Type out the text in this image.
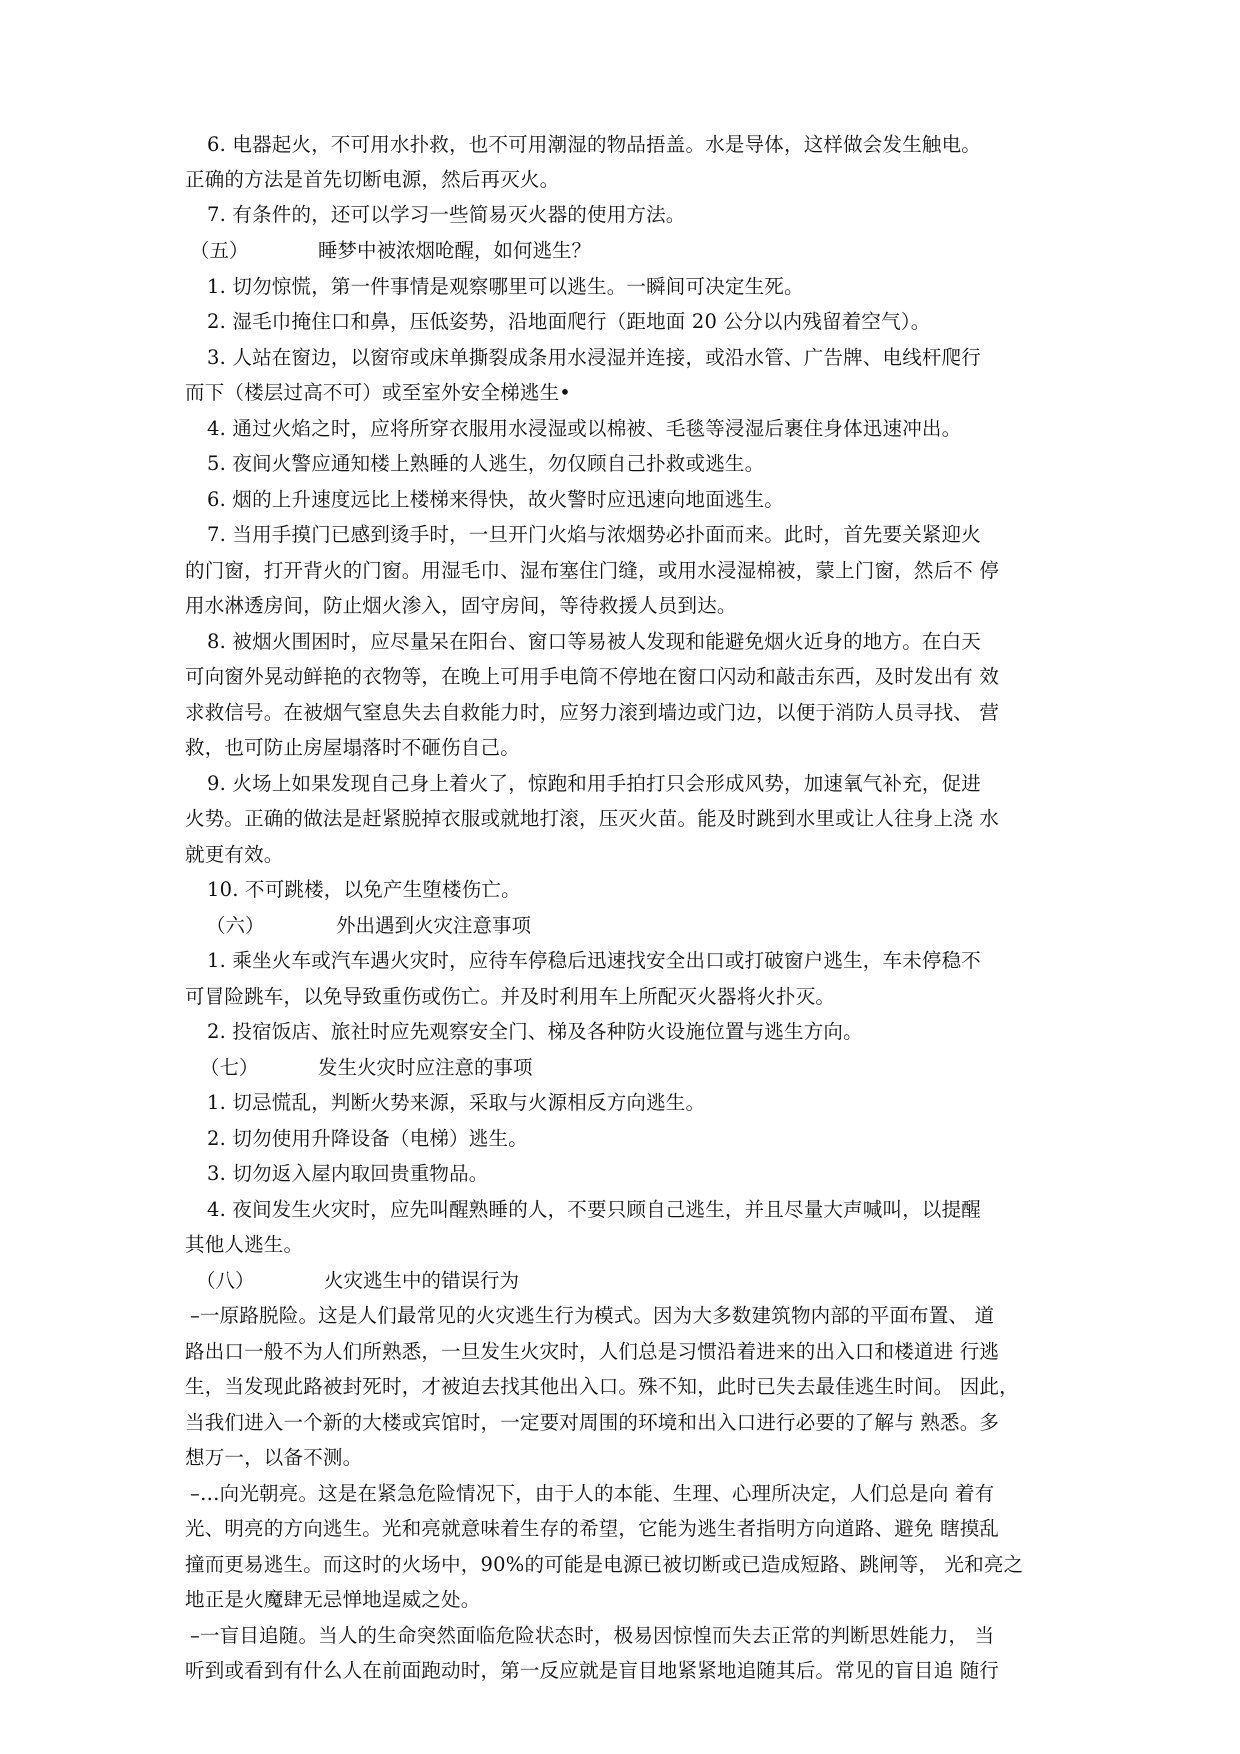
6. 电器起火，不可用水扑救，也不可用潮湿的物品捂盖。水是导体，这样做会发生触电。
正确的方法是首先切断电源，然后再灭火。
7. 有条件的，还可以学习一些简易灭火器的使用方法。
（五）	睡梦中被浓烟呛醒，如何逃生？
1. 切勿惊慌，第一件事情是观察哪里可以逃生。一瞬间可决定生死。
2. 湿毛巾掩住口和鼻，压低姿势，沿地面爬行（距地面 20 公分以内残留着空气）。
3. 人站在窗边，以窗帘或床单撕裂成条用水浸湿并连接，或沿水管、广告牌、电线杆爬行
而下（楼层过高不可）或至室外安全梯逃生•
4. 通过火焰之时，应将所穿衣服用水浸湿或以棉被、毛毯等浸湿后裹住身体迅速冲出。
5. 夜间火警应通知楼上熟睡的人逃生，勿仅顾自己扑救或逃生。
6. 烟的上升速度远比上楼梯来得快，故火警时应迅速向地面逃生。
7. 当用手摸门已感到烫手时，一旦开门火焰与浓烟势必扑面而来。此时，首先要关紧迎火
的门窗，打开背火的门窗。用湿毛巾、湿布塞住门缝，或用水浸湿棉被，蒙上门窗，然后不 停
用水淋透房间，防止烟火渗入，固守房间，等待救援人员到达。
8. 被烟火围困时，应尽量呆在阳台、窗口等易被人发现和能避免烟火近身的地方。在白天
可向窗外晃动鲜艳的衣物等，在晚上可用手电筒不停地在窗口闪动和敲击东西，及时发出有 效
求救信号。在被烟气窒息失去自救能力时，应努力滚到墙边或门边，以便于消防人员寻找、 营
救，也可防止房屋塌落时不砸伤自己。
9. 火场上如果发现自己身上着火了，惊跑和用手拍打只会形成风势，加速氧气补充，促进
火势。正确的做法是赶紧脱掉衣服或就地打滚，压灭火苗。能及时跳到水里或让人往身上浇 水
就更有效。
10. 不可跳楼，以免产生堕楼伤亡。
（六）	外出遇到火灾注意事项
1. 乘坐火车或汽车遇火灾时，应待车停稳后迅速找安全出口或打破窗户逃生，车未停稳不
可冒险跳车，以免导致重伤或伤亡。并及时利用车上所配灭火器将火扑灭。
2. 投宿饭店、旅社时应先观察安全门、梯及各种防火设施位置与逃生方向。
（七）	发生火灾时应注意的事项
1. 切忌慌乱，判断火势来源，采取与火源相反方向逃生。
2. 切勿使用升降设备（电梯）逃生。
3. 切勿返入屋内取回贵重物品。
4. 夜间发生火灾时，应先叫醒熟睡的人，不要只顾自己逃生，并且尽量大声喊叫，以提醒
其他人逃生。
（八）	火灾逃生中的错误行为
–一原路脱险。这是人们最常见的火灾逃生行为模式。因为大多数建筑物内部的平面布置、 道
路出口一般不为人们所熟悉，一旦发生火灾时，人们总是习惯沿着进来的出入口和楼道进 行逃
生，当发现此路被封死时，才被迫去找其他出入口。殊不知，此时已失去最佳逃生时间。 因此，
当我们进入一个新的大楼或宾馆时，一定要对周围的环境和出入口进行必要的了解与 熟悉。多
想万一，以备不测。
–…向光朝亮。这是在紧急危险情况下，由于人的本能、生理、心理所决定，人们总是向 着有
光、明亮的方向逃生。光和亮就意味着生存的希望，它能为逃生者指明方向道路、避免 瞎摸乱
撞而更易逃生。而这时的火场中，90%的可能是电源已被切断或已造成短路、跳闸等， 光和亮之
地正是火魔肆无忌惮地逞威之处。
–一盲目追随。当人的生命突然面临危险状态时，极易因惊惶而失去正常的判断思姓能力， 当
听到或看到有什么人在前面跑动时，第一反应就是盲目地紧紧地追随其后。常见的盲目追 随行
